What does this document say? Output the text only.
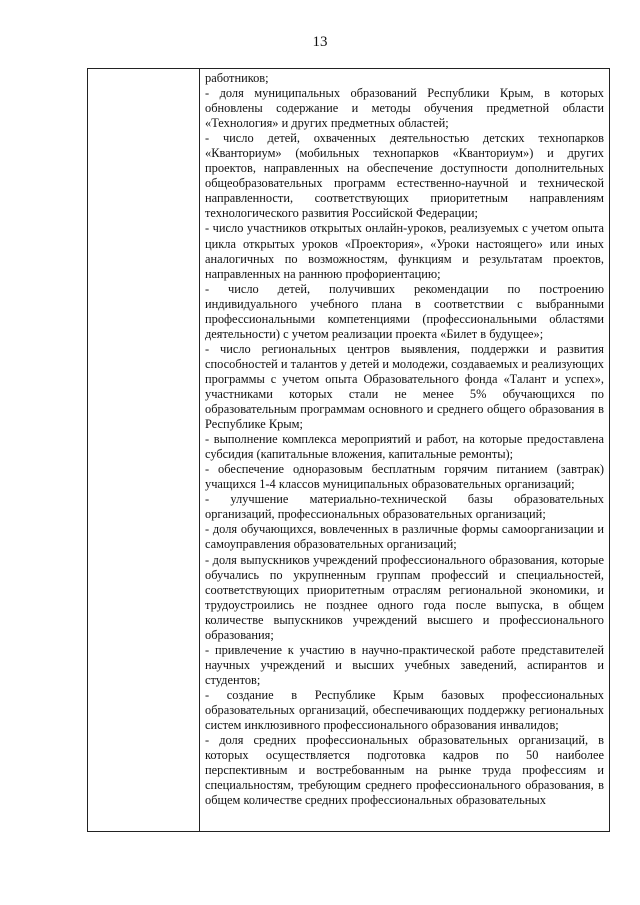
13

работников;

- доля муниципальных образований Республики Крым, в которых обновлены содержание и методы обучения предметной области «Технология» и других предметных областей;

- число детей, охваченных деятельностью детских технопарков «Кванториум» (мобильных технопарков «Кванториум») и других проектов, направленных на обеспечение доступности дополнительных общеобразовательных программ естественно-научной и технической направленности, соответствующих приоритетным направлениям технологического развития Российской Федерации;

- число участников открытых онлайн-уроков, реализуемых с учетом опыта цикла открытых уроков «Проектория», «Уроки настоящего» или иных аналогичных по возможностям, функциям и результатам проектов, направленных на раннюю профориентацию;

- число детей, получивших рекомендации по построению индивидуального учебного плана в соответствии с выбранными профессиональными компетенциями (профессиональными областями деятельности) с учетом реализации проекта «Билет в будущее»;

- число региональных центров выявления, поддержки и развития способностей и талантов у детей и молодежи, создаваемых и реализующих программы с учетом опыта Образовательного фонда «Талант и успех», участниками которых стали не менее 5% обучающихся по образовательным программам основного и среднего общего образования в Республике Крым;

- выполнение комплекса мероприятий и работ, на которые предоставлена субсидия (капитальные вложения, капитальные ремонты);

- обеспечение одноразовым бесплатным горячим питанием (завтрак) учащихся 1-4 классов муниципальных образовательных организаций;

- улучшение материально-технической базы образовательных организаций, профессиональных образовательных организаций;

- доля обучающихся, вовлеченных в различные формы самоорганизации и самоуправления образовательных организаций;

- доля выпускников учреждений профессионального образования, которые обучались по укрупненным группам профессий и специальностей, соответствующих приоритетным отраслям региональной экономики, и трудоустроились не позднее одного года после выпуска, в общем количестве выпускников учреждений высшего и профессионального образования;

- привлечение к участию в научно-практической работе представителей научных учреждений и высших учебных заведений, аспирантов и студентов;

- создание в Республике Крым базовых профессиональных образовательных организаций, обеспечивающих поддержку региональных систем инклюзивного профессионального образования инвалидов;

- доля средних профессиональных образовательных организаций, в которых осуществляется подготовка кадров по 50 наиболее перспективным и востребованным на рынке труда профессиям и специальностям, требующим среднего профессионального образования, в общем количестве средних профессиональных образовательных
